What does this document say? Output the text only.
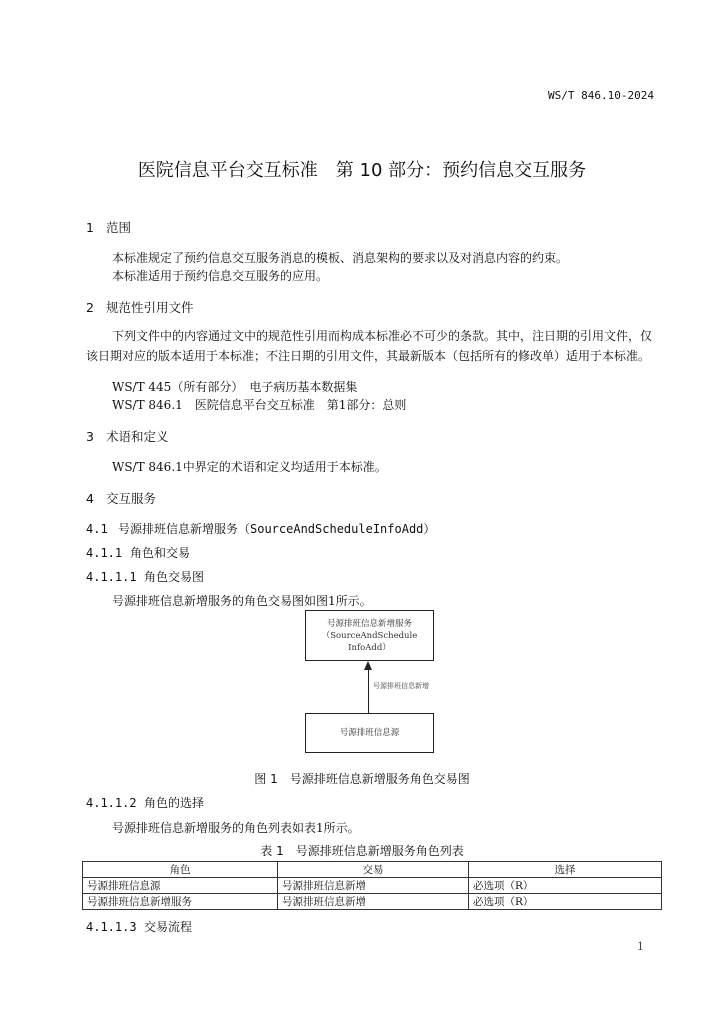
WS/T 846.10-2024
医院信息平台交互标准　第 10 部分：预约信息交互服务
1 范围
本标准规定了预约信息交互服务消息的模板、消息架构的要求以及对消息内容的约束。
本标准适用于预约信息交互服务的应用。
2 规范性引用文件
下列文件中的内容通过文中的规范性引用而构成本标准必不可少的条款。其中，注日期的引用文件，仅该日期对应的版本适用于本标准；不注日期的引用文件，其最新版本（包括所有的修改单）适用于本标准。
WS/T 445（所有部分）　电子病历基本数据集
WS/T 846.1　医院信息平台交互标准　第1部分：总则
3 术语和定义
WS/T 846.1中界定的术语和定义均适用于本标准。
4 交互服务
4.1 号源排班信息新增服务（SourceAndScheduleInfoAdd）
4.1.1 角色和交易
4.1.1.1 角色交易图
号源排班信息新增服务的角色交易图如图1所示。
号源排班信息新增服务
（SourceAndSchedule
InfoAdd）
号源排班信息新增
号源排班信息源
图 1　号源排班信息新增服务角色交易图
4.1.1.2 角色的选择
号源排班信息新增服务的角色列表如表1所示。
表 1　号源排班信息新增服务角色列表
角色	交易	选择
号源排班信息源	号源排班信息新增	必选项（R）
号源排班信息新增服务	号源排班信息新增	必选项（R）
4.1.1.3 交易流程
1
